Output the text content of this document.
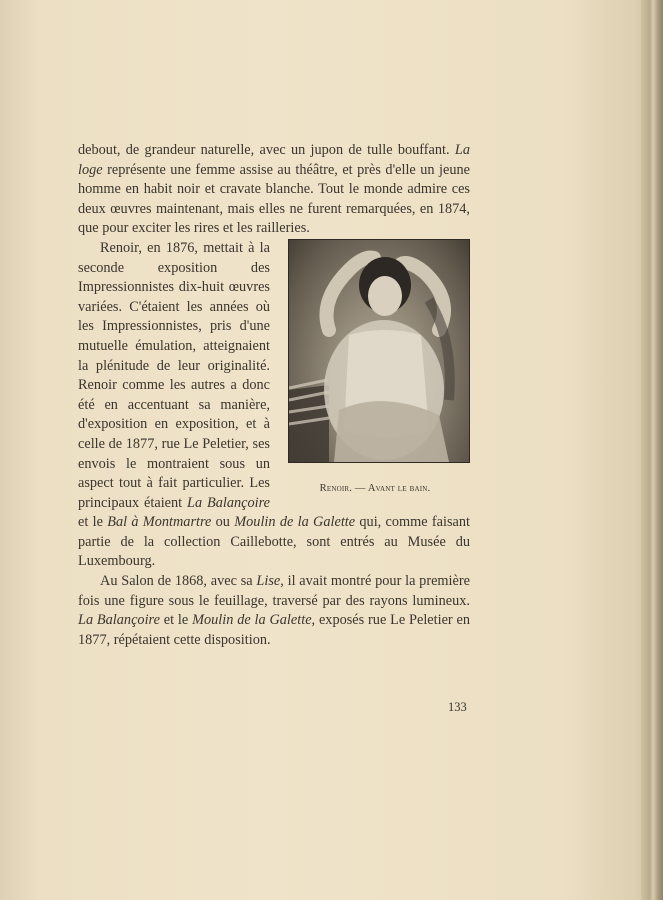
debout, de grandeur naturelle, avec un jupon de tulle bouffant. La loge représente une femme assise au théâtre, et près d'elle un jeune homme en habit noir et cravate blanche. Tout le monde admire ces deux œuvres maintenant, mais elles ne furent remarquées, en 1874, que pour exciter les rires et les railleries.

Renoir. — Avant le bain.

Renoir, en 1876, mettait à la seconde exposition des Impressionnistes dix-huit œuvres variées. C'étaient les années où les Impressionnistes, pris d'une mutuelle émulation, atteignaient la plénitude de leur originalité. Renoir comme les autres a donc été en accentuant sa manière, d'exposition en exposition, et à celle de 1877, rue Le Peletier, ses envois le montraient sous un aspect tout à fait particulier. Les principaux étaient La Balançoire et le Bal à Montmartre ou Moulin de la Galette qui, comme faisant partie de la collection Caillebotte, sont entrés au Musée du Luxembourg.

Au Salon de 1868, avec sa Lise, il avait montré pour la première fois une figure sous le feuillage, traversé par des rayons lumineux. La Balançoire et le Moulin de la Galette, exposés rue Le Peletier en 1877, répétaient cette disposition.

133
